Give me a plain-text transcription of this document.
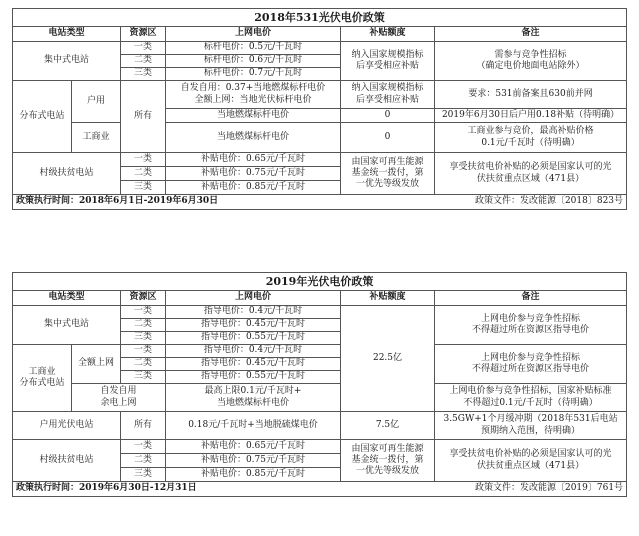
2018年531光伏电价政策					
电站类型		资源区	上网电价	补贴额度	备注
集中式电站		一类	标杆电价：0.5元/千瓦时	纳入国家规模指标
后享受相应补贴	需参与竞争性招标
（确定电价地面电站除外）
		二类	标杆电价：0.6元/千瓦时		
		三类	标杆电价：0.7元/千瓦时		
分布式电站	户用	所有	自发自用：0.37+当地燃煤标杆电价
全额上网：当地光伏标杆电价	纳入国家规模指标
后享受相应补贴	要求：531前备案且630前并网
			当地燃煤标杆电价	0	2019年6月30日后户用0.18补贴（待明确）
	工商业		当地燃煤标杆电价	0	工商业参与竞价，最高补贴价格
0.1元/千瓦时（待明确）
村级扶贫电站		一类	补贴电价：0.65元/千瓦时	由国家可再生能源
基金统一拨付，第
一优先等级发放	享受扶贫电价补贴的必须是国家认可的光
伏扶贫重点区域（471县）
		二类	补贴电价：0.75元/千瓦时		
		三类	补贴电价：0.85元/千瓦时		
政策执行时间：2018年6月1日-2019年6月30日 政策文件：发改能源〔2018〕823号					
2019年光伏电价政策					
电站类型		资源区	上网电价	补贴额度	备注
集中式电站		一类	指导电价：0.4元/千瓦时	22.5亿	上网电价参与竞争性招标
不得超过所在资源区指导电价
		二类	指导电价：0.45元/千瓦时		
		三类	指导电价：0.55元/千瓦时		
工商业
分布式电站	全额上网	一类	指导电价：0.4元/千瓦时		上网电价参与竞争性招标
不得超过所在资源区指导电价
		二类	指导电价：0.45元/千瓦时		
		三类	指导电价：0.55元/千瓦时		
	自发自用
余电上网		最高上限0.1元/千瓦时+
当地燃煤标杆电价		上网电价参与竞争性招标，国家补贴标准
不得超过0.1元/千瓦时（待明确）
户用光伏电站		所有	0.18元/千瓦时+当地脱硫煤电价	7.5亿	3.5GW+1个月缓冲期（2018年531后电站
预期纳入范围，待明确）
村级扶贫电站		一类	补贴电价：0.65元/千瓦时	由国家可再生能源
基金统一拨付，第
一优先等级发放	享受扶贫电价补贴的必须是国家认可的光
伏扶贫重点区域（471县）
		二类	补贴电价：0.75元/千瓦时		
		三类	补贴电价：0.85元/千瓦时		
政策执行时间：2019年6月30日-12月31日 政策文件：发改能源〔2019〕761号					
